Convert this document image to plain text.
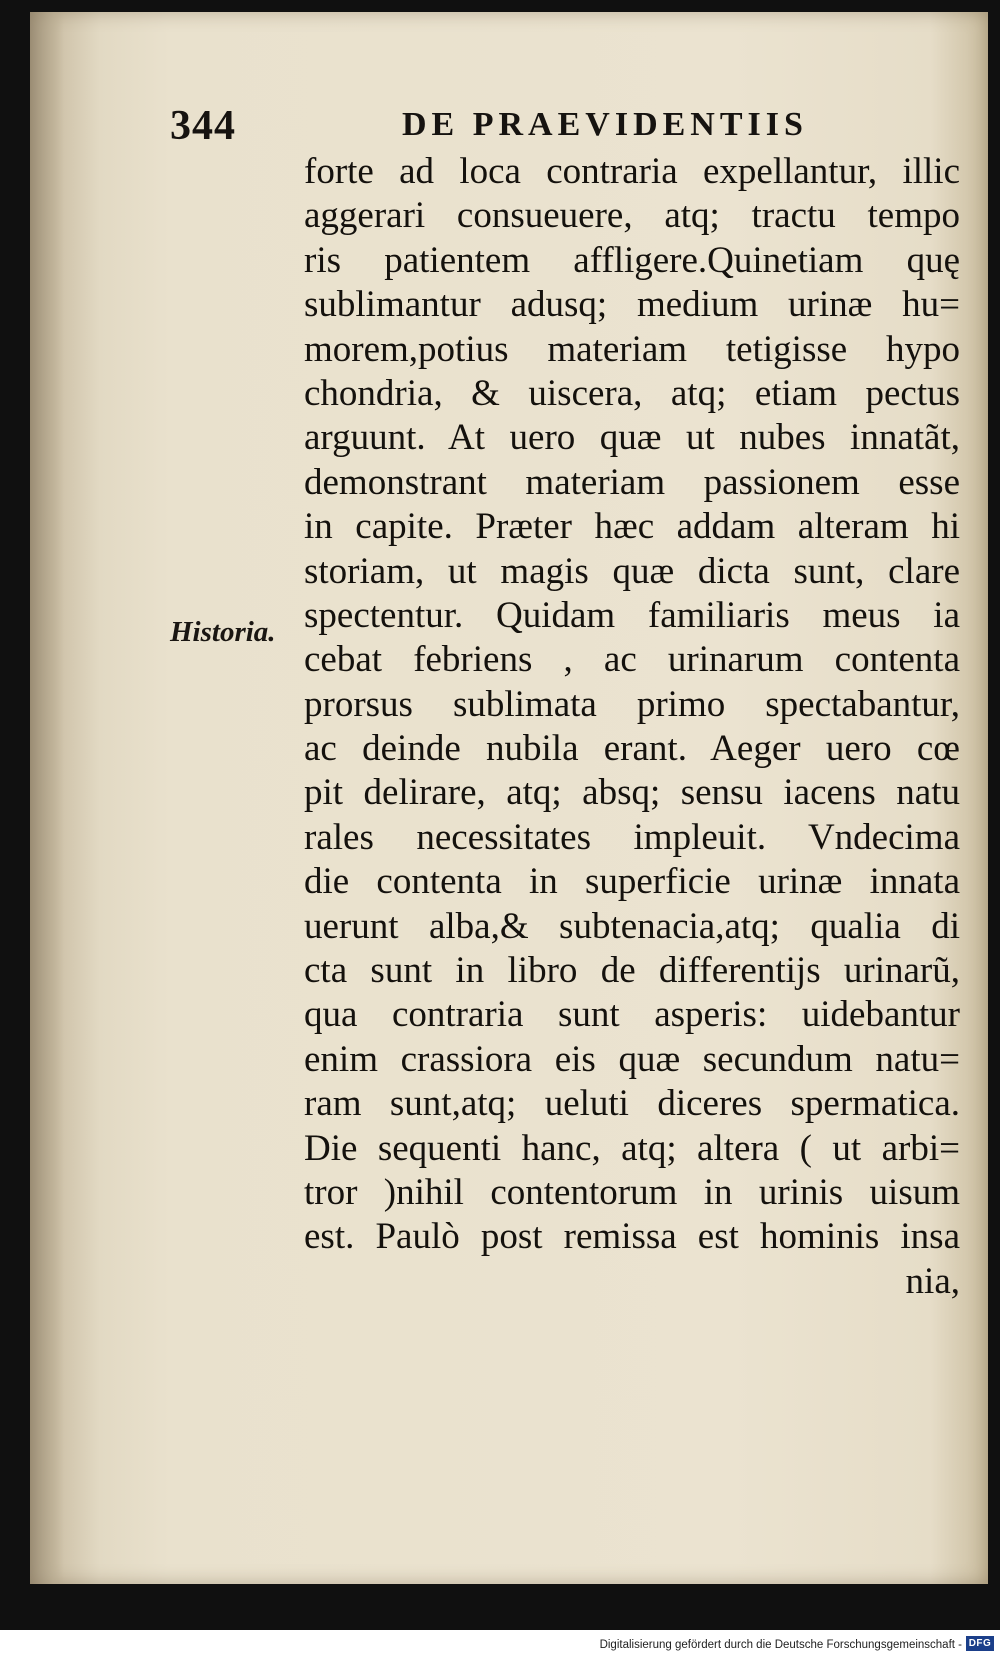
344	DE PRAEVIDENTIIS
Historia.
forte ad loca contraria expellantur, illic
aggerari consueuere, atq; tractu tempo
ris patientem affligere.Quinetiam quę
sublimantur adusq; medium urinæ hu=
morem,potius materiam tetigisse hypo
chondria, & uiscera, atq; etiam pectus
arguunt. At uero quæ ut nubes innatãt,
demonstrant materiam passionem esse
in capite. Præter hæc addam alteram hi
storiam, ut magis quæ dicta sunt, clare
spectentur. Quidam familiaris meus ia
cebat febriens , ac urinarum contenta
prorsus sublimata primo spectabantur,
ac deinde nubila erant. Aeger uero cœ
pit delirare, atq; absq; sensu iacens natu
rales necessitates impleuit. Vndecima
die contenta in superficie urinæ innata
uerunt alba,& subtenacia,atq; qualia di
cta sunt in libro de differentijs urinarũ,
qua contraria sunt asperis: uidebantur
enim crassiora eis quæ secundum natu=
ram sunt,atq; ueluti diceres spermatica.
Die sequenti hanc, atq; altera ( ut arbi=
tror )nihil contentorum in urinis uisum
est. Paulò post remissa est hominis insa
nia,
Digitalisierung gefördert durch die Deutsche Forschungsgemeinschaft - DFG
